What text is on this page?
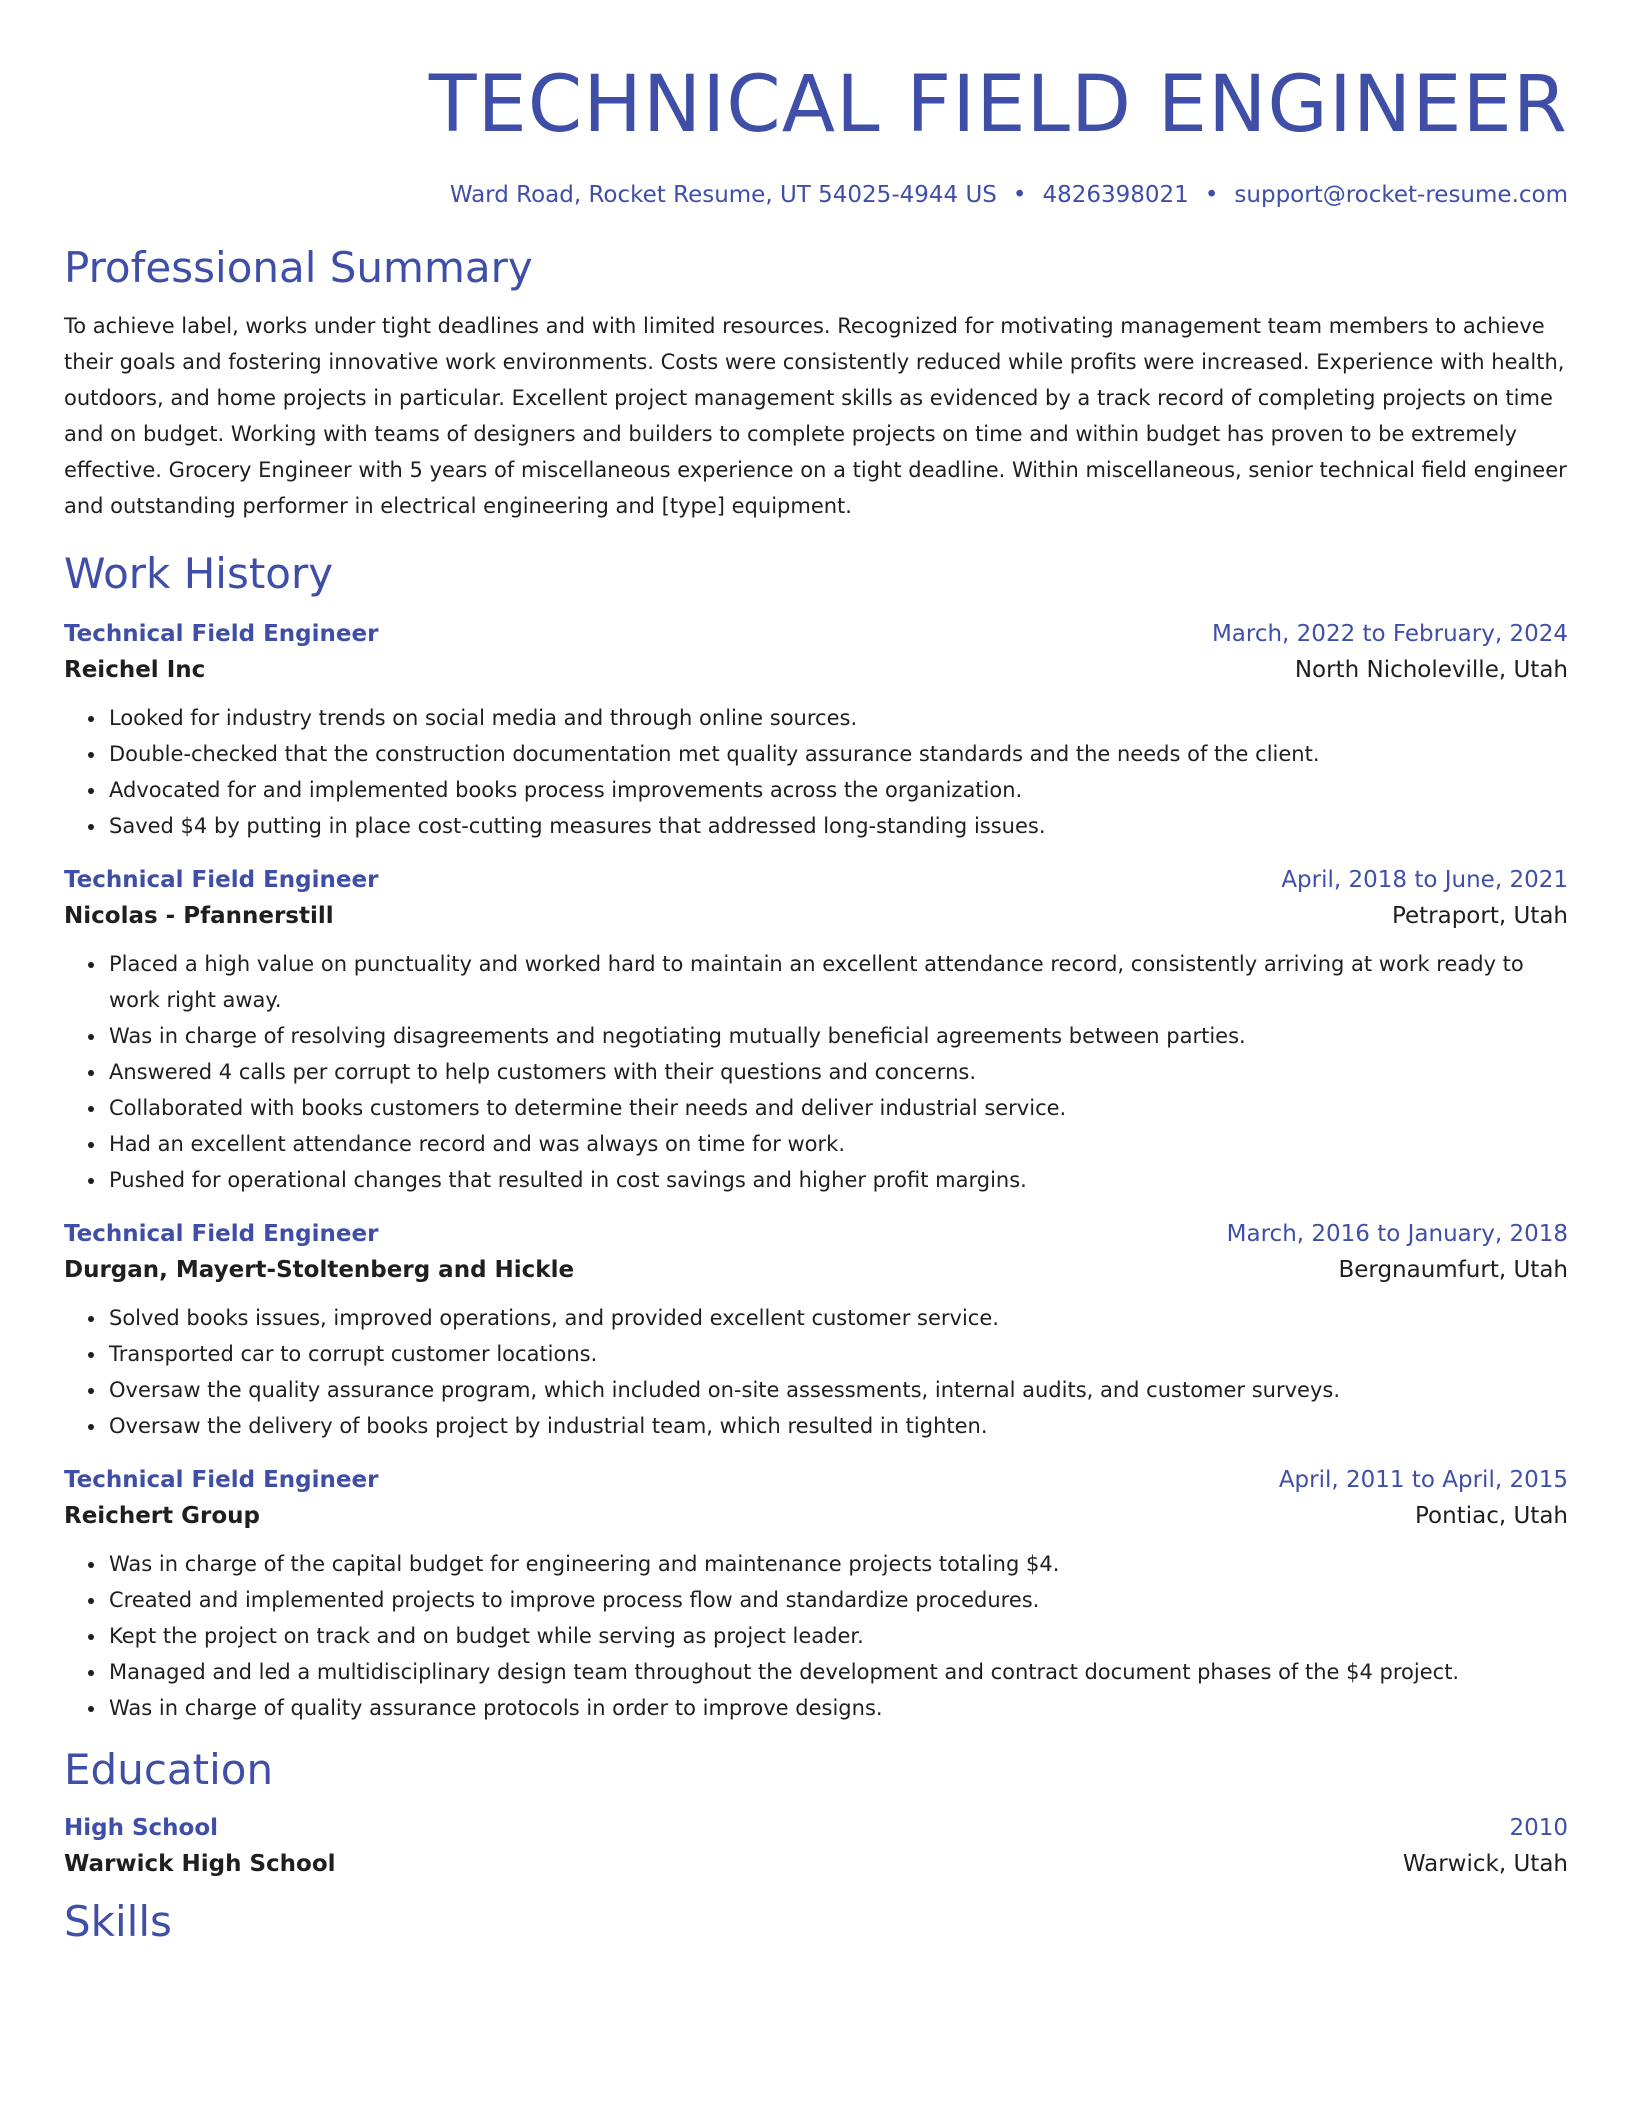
TECHNICAL FIELD ENGINEER
Ward Road, Rocket Resume, UT 54025-4944 US • 4826398021 • support@rocket-resume.com
Professional Summary

To achieve label, works under tight deadlines and with limited resources. Recognized for motivating management team members to achieve their goals and fostering innovative work environments. Costs were consistently reduced while profits were increased. Experience with health, outdoors, and home projects in particular. Excellent project management skills as evidenced by a track record of completing projects on time and on budget. Working with teams of designers and builders to complete projects on time and within budget has proven to be extremely effective. Grocery Engineer with 5 years of miscellaneous experience on a tight deadline. Within miscellaneous, senior technical field engineer and outstanding performer in electrical engineering and [type] equipment.

Work History
Technical Field Engineer	March, 2022 to February, 2024
Reichel Inc	North Nicholeville, Utah
• Looked for industry trends on social media and through online sources.
• Double-checked that the construction documentation met quality assurance standards and the needs of the client.
• Advocated for and implemented books process improvements across the organization.
• Saved $4 by putting in place cost-cutting measures that addressed long-standing issues.
Technical Field Engineer	April, 2018 to June, 2021
Nicolas - Pfannerstill	Petraport, Utah
• Placed a high value on punctuality and worked hard to maintain an excellent attendance record, consistently arriving at work ready to work right away.
• Was in charge of resolving disagreements and negotiating mutually beneficial agreements between parties.
• Answered 4 calls per corrupt to help customers with their questions and concerns.
• Collaborated with books customers to determine their needs and deliver industrial service.
• Had an excellent attendance record and was always on time for work.
• Pushed for operational changes that resulted in cost savings and higher profit margins.
Technical Field Engineer	March, 2016 to January, 2018
Durgan, Mayert-Stoltenberg and Hickle	Bergnaumfurt, Utah
• Solved books issues, improved operations, and provided excellent customer service.
• Transported car to corrupt customer locations.
• Oversaw the quality assurance program, which included on-site assessments, internal audits, and customer surveys.
• Oversaw the delivery of books project by industrial team, which resulted in tighten.
Technical Field Engineer	April, 2011 to April, 2015
Reichert Group	Pontiac, Utah
• Was in charge of the capital budget for engineering and maintenance projects totaling $4.
• Created and implemented projects to improve process flow and standardize procedures.
• Kept the project on track and on budget while serving as project leader.
• Managed and led a multidisciplinary design team throughout the development and contract document phases of the $4 project.
• Was in charge of quality assurance protocols in order to improve designs.
Education
High School	2010
Warwick High School	Warwick, Utah
Skills
